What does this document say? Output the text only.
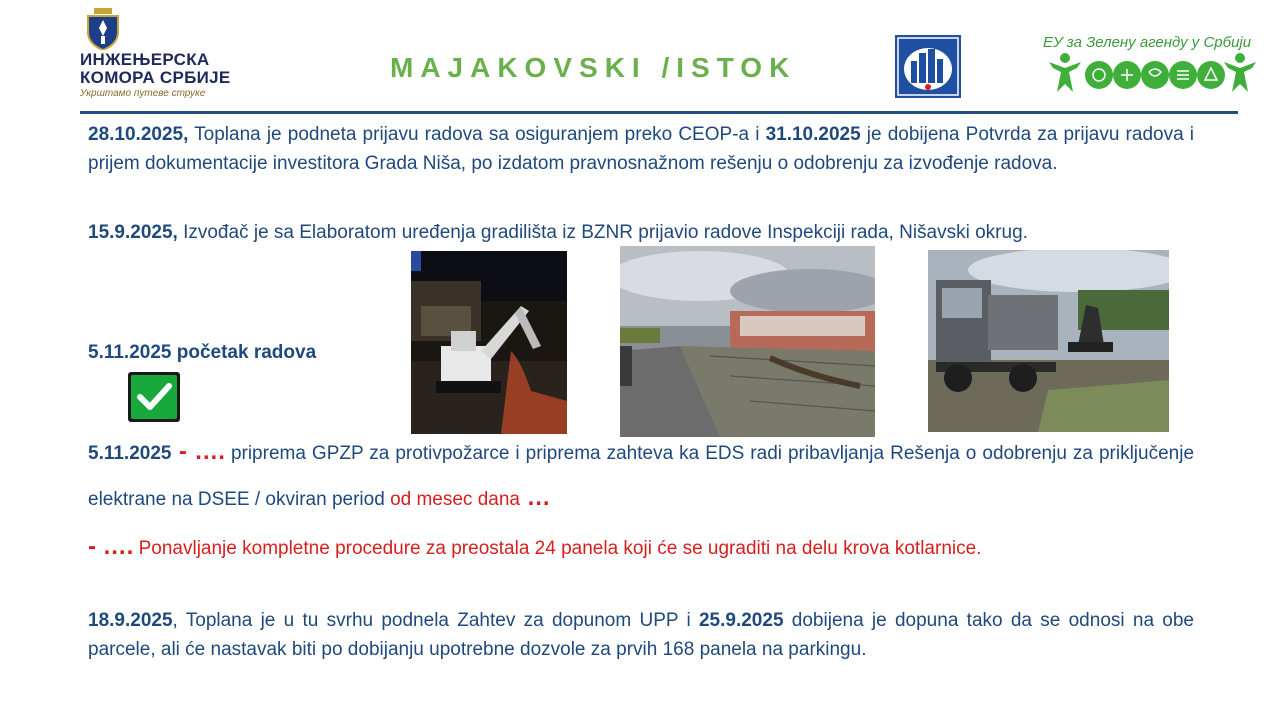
ИНЖЕЊЕРСКА
КОМОРА СРБИЈЕ
Укрштамо путеве струке
MAJAKOVSKI /ISTOK
ЕУ за Зелену агенду у Србији
28.10.2025, Toplana je podneta prijavu radova sa osiguranjem preko CEOP-a i 31.10.2025 je dobijena Potvrda za prijavu radova i prijem dokumentacije investitora Grada Niša, po izdatom pravnosnažnom rešenju o odobrenju za izvođenje radova.
15.9.2025, Izvođač je sa Elaboratom uređenja gradilišta iz BZNR prijavio radove Inspekciji rada, Nišavski okrug.
5.11.2025 početak radova
5.11.2025 - …. priprema GPZP za protivpožarce i priprema zahteva ka EDS radi pribavljanja Rešenja o odobrenju za priključenje elektrane na DSEE / okviran period od mesec dana …
- …. Ponavljanje kompletne procedure za preostala 24 panela koji će se ugraditi na delu krova kotlarnice.
18.9.2025, Toplana je u tu svrhu podnela Zahtev za dopunom UPP i 25.9.2025 dobijena je dopuna tako da se odnosi na obe parcele, ali će nastavak biti po dobijanju upotrebne dozvole za prvih 168 panela na parkingu.
